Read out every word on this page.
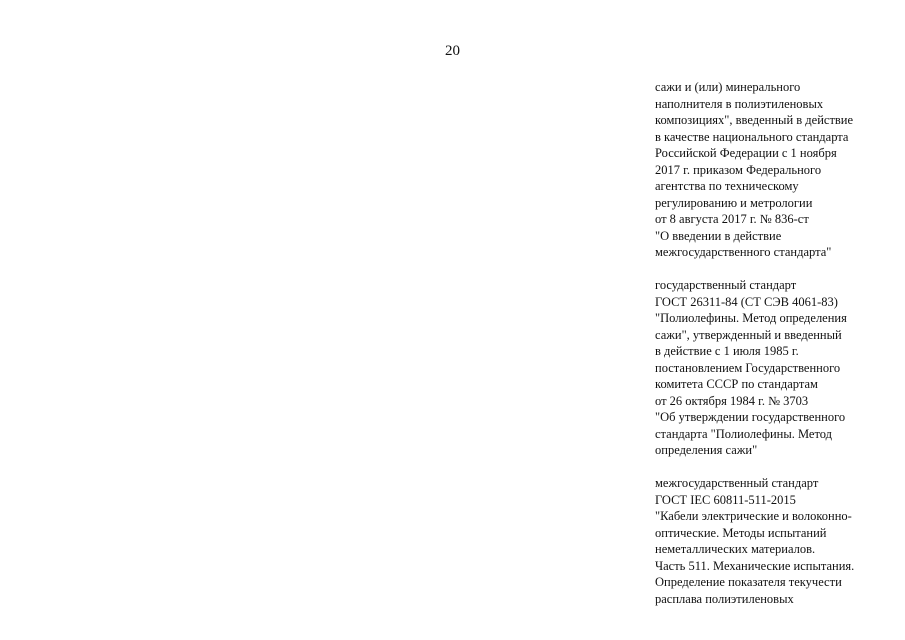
20
сажи и (или) минерального
наполнителя в полиэтиленовых
композициях", введенный в действие
в качестве национального стандарта
Российской Федерации с 1 ноября
2017 г. приказом Федерального
агентства по техническому
регулированию и метрологии
от 8 августа 2017 г. № 836-ст
"О введении в действие
межгосударственного стандарта"
государственный стандарт
ГОСТ 26311-84 (СТ СЭВ 4061-83)
"Полиолефины. Метод определения
сажи", утвержденный и введенный
в действие с 1 июля 1985 г.
постановлением Государственного
комитета СССР по стандартам
от 26 октября 1984 г. № 3703
"Об утверждении государственного
стандарта "Полиолефины. Метод
определения сажи"
межгосударственный стандарт
ГОСТ IEC 60811-511-2015
"Кабели электрические и волоконно-
оптические. Методы испытаний
неметаллических материалов.
Часть 511. Механические испытания.
Определение показателя текучести
расплава полиэтиленовых
